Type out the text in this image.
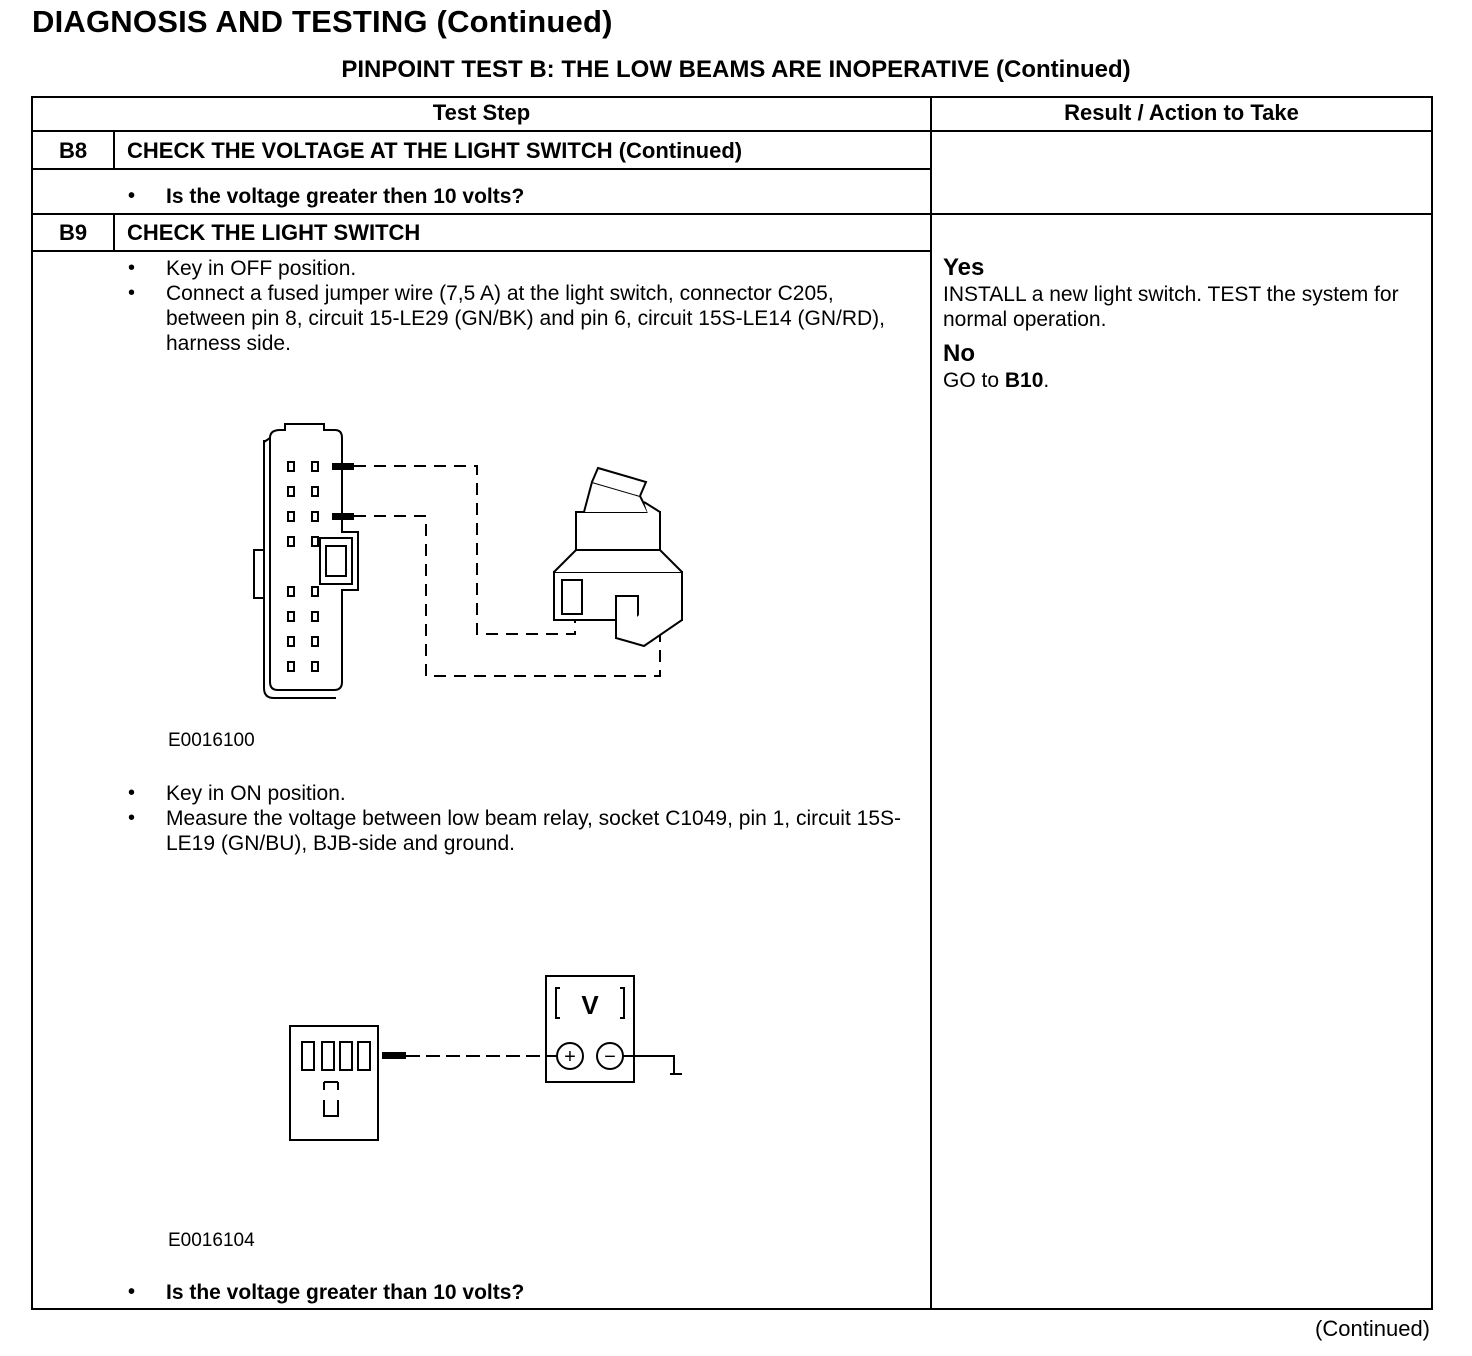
DIAGNOSIS AND TESTING (Continued)
PINPOINT TEST B: THE LOW BEAMS ARE INOPERATIVE (Continued)
Test Step	Result / Action to Take
B8	CHECK THE VOLTAGE AT THE LIGHT SWITCH (Continued)
• Is the voltage greater then 10 volts?
B9	CHECK THE LIGHT SWITCH
• Key in OFF position.
• Connect a fused jumper wire (7,5 A) at the light switch, connector C205, between pin 8, circuit 15-LE29 (GN/BK) and pin 6, circuit 15S-LE14 (GN/RD), harness side.
E0016100
• Key in ON position.
• Measure the voltage between low beam relay, socket C1049, pin 1, circuit 15S-LE19 (GN/BU), BJB-side and ground.
V
+ −
E0016104
• Is the voltage greater than 10 volts?
Yes
INSTALL a new light switch. TEST the system for normal operation.
No
GO to B10.
(Continued)
